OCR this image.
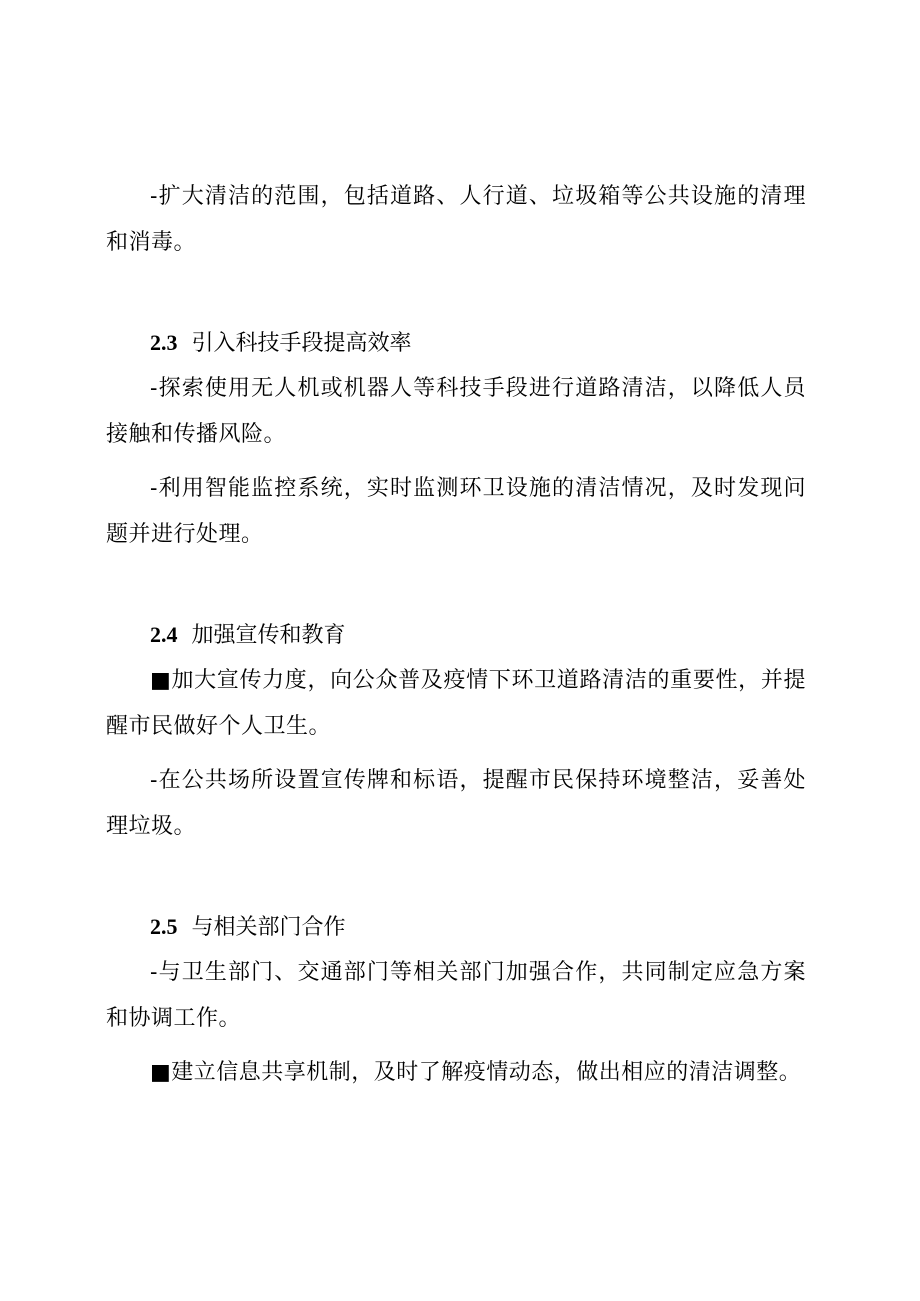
-扩大清洁的范围，包括道路、人行道、垃圾箱等公共设施的清理和消毒。

2.3 引入科技手段提高效率

-探索使用无人机或机器人等科技手段进行道路清洁，以降低人员接触和传播风险。

-利用智能监控系统，实时监测环卫设施的清洁情况，及时发现问题并进行处理。

2.4 加强宣传和教育

■加大宣传力度，向公众普及疫情下环卫道路清洁的重要性，并提醒市民做好个人卫生。

-在公共场所设置宣传牌和标语，提醒市民保持环境整洁，妥善处理垃圾。

2.5 与相关部门合作

-与卫生部门、交通部门等相关部门加强合作，共同制定应急方案和协调工作。

■建立信息共享机制，及时了解疫情动态，做出相应的清洁调整。
